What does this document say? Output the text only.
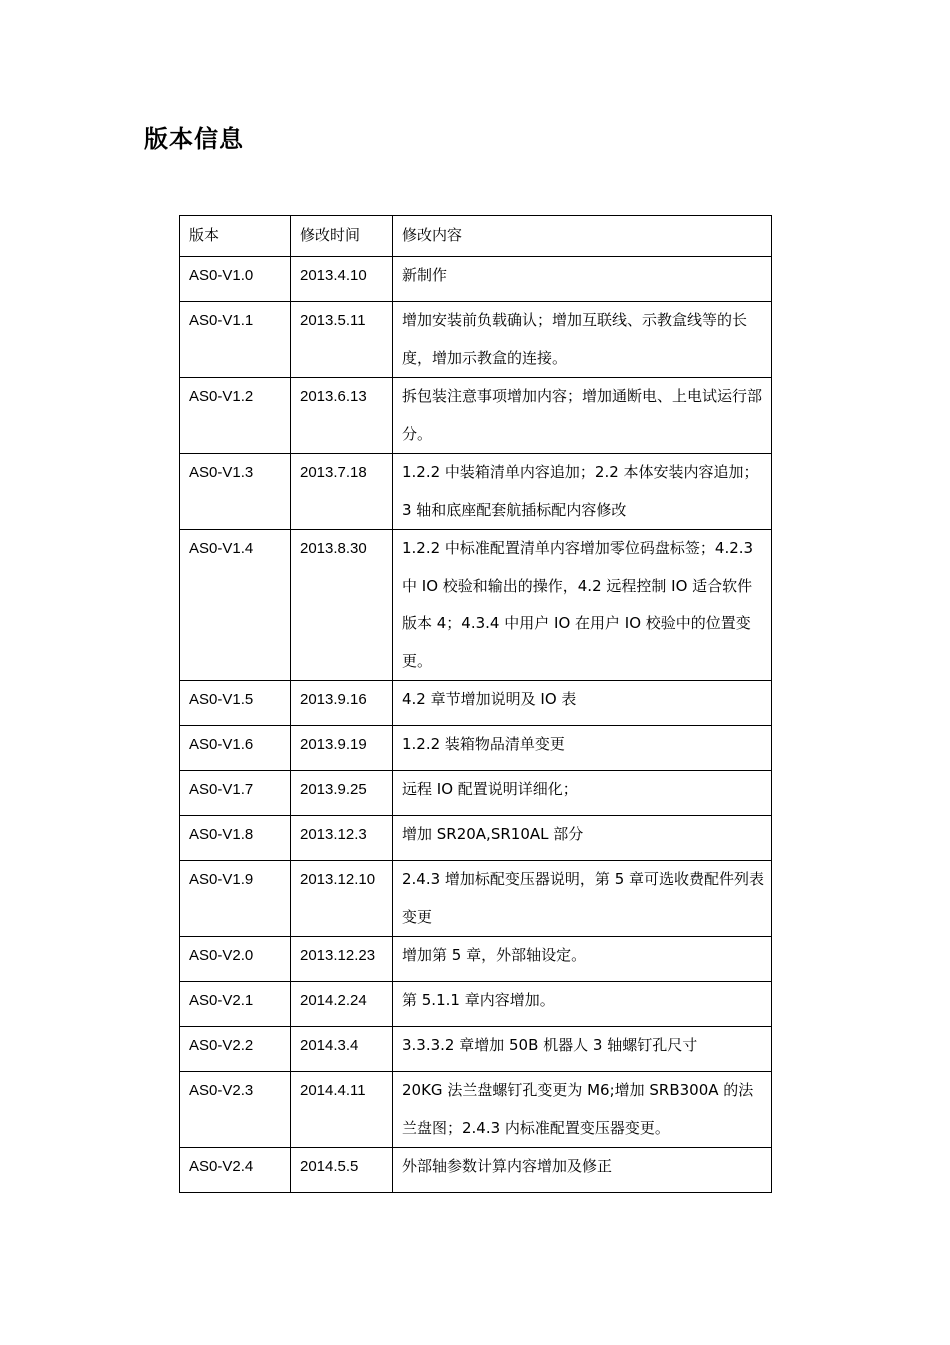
版本信息
版本	修改时间	修改内容
AS0-V1.0	2013.4.10	新制作
AS0-V1.1	2013.5.11	增加安装前负载确认；增加互联线、示教盒线等的长度，增加示教盒的连接。
AS0-V1.2	2013.6.13	拆包装注意事项增加内容；增加通断电、上电试运行部分。
AS0-V1.3	2013.7.18	1.2.2 中装箱清单内容追加；2.2 本体安装内容追加；3 轴和底座配套航插标配内容修改
AS0-V1.4	2013.8.30	1.2.2 中标准配置清单内容增加零位码盘标签；4.2.3 中 IO 校验和输出的操作，4.2 远程控制 IO 适合软件版本 4；4.3.4 中用户 IO 在用户 IO 校验中的位置变更。
AS0-V1.5	2013.9.16	4.2 章节增加说明及 IO 表
AS0-V1.6	2013.9.19	1.2.2 装箱物品清单变更
AS0-V1.7	2013.9.25	远程 IO 配置说明详细化；
AS0-V1.8	2013.12.3	增加 SR20A,SR10AL 部分
AS0-V1.9	2013.12.10	2.4.3 增加标配变压器说明，第 5 章可选收费配件列表变更
AS0-V2.0	2013.12.23	增加第 5 章，外部轴设定。
AS0-V2.1	2014.2.24	第 5.1.1 章内容增加。
AS0-V2.2	2014.3.4	3.3.3.2 章增加 50B 机器人 3 轴螺钉孔尺寸
AS0-V2.3	2014.4.11	20KG 法兰盘螺钉孔变更为 M6;增加 SRB300A 的法兰盘图；2.4.3 内标准配置变压器变更。
AS0-V2.4	2014.5.5	外部轴参数计算内容增加及修正
